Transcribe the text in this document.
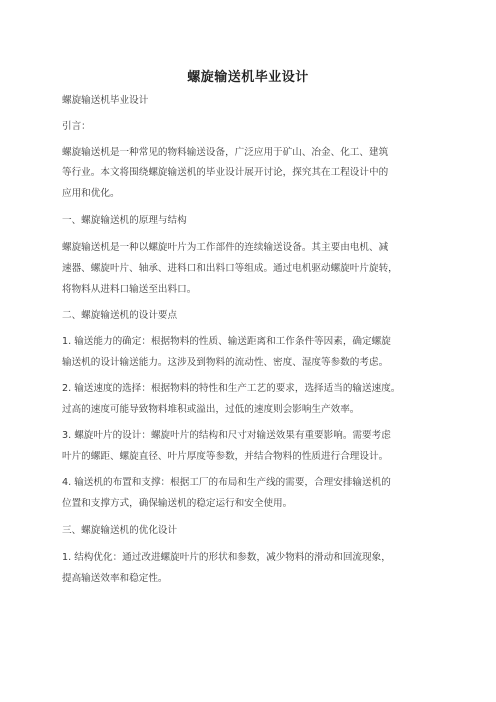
螺旋输送机毕业设计
螺旋输送机毕业设计
引言：
螺旋输送机是一种常见的物料输送设备，广泛应用于矿山、冶金、化工、建筑
等行业。本文将围绕螺旋输送机的毕业设计展开讨论，探究其在工程设计中的
应用和优化。
一、螺旋输送机的原理与结构
螺旋输送机是一种以螺旋叶片为工作部件的连续输送设备。其主要由电机、减
速器、螺旋叶片、轴承、进料口和出料口等组成。通过电机驱动螺旋叶片旋转，
将物料从进料口输送至出料口。
二、螺旋输送机的设计要点
1. 输送能力的确定：根据物料的性质、输送距离和工作条件等因素，确定螺旋
输送机的设计输送能力。这涉及到物料的流动性、密度、湿度等参数的考虑。
2. 输送速度的选择：根据物料的特性和生产工艺的要求，选择适当的输送速度。
过高的速度可能导致物料堆积或溢出，过低的速度则会影响生产效率。
3. 螺旋叶片的设计：螺旋叶片的结构和尺寸对输送效果有重要影响。需要考虑
叶片的螺距、螺旋直径、叶片厚度等参数，并结合物料的性质进行合理设计。
4. 输送机的布置和支撑：根据工厂的布局和生产线的需要，合理安排输送机的
位置和支撑方式，确保输送机的稳定运行和安全使用。
三、螺旋输送机的优化设计
1. 结构优化：通过改进螺旋叶片的形状和参数，减少物料的滑动和回流现象，
提高输送效率和稳定性。
